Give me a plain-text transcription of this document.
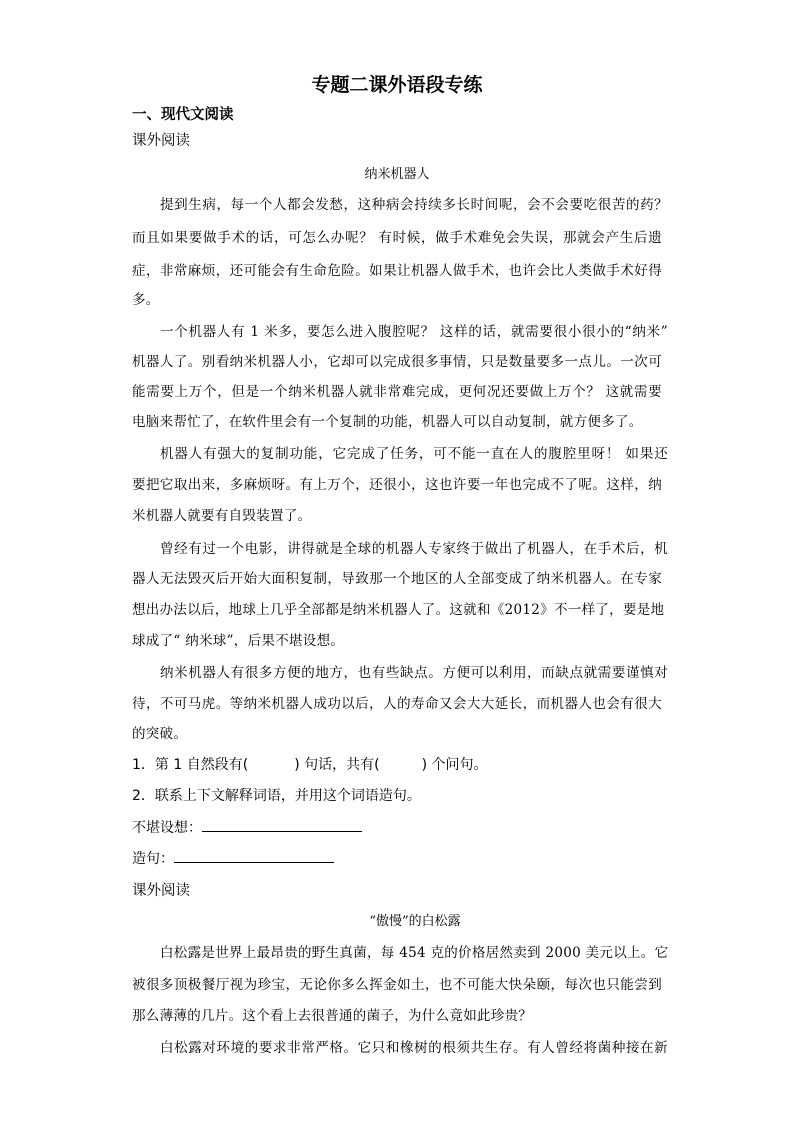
专题二课外语段专练
一、现代文阅读
课外阅读
纳米机器人
提到生病，每一个人都会发愁，这种病会持续多长时间呢，会不会要吃很苦的药？
而且如果要做手术的话，可怎么办呢？ 有时候，做手术难免会失误，那就会产生后遗
症，非常麻烦，还可能会有生命危险。如果让机器人做手术，也许会比人类做手术好得
多。
一个机器人有 1 米多，要怎么进入腹腔呢？ 这样的话，就需要很小很小的“纳米”
机器人了。别看纳米机器人小，它却可以完成很多事情，只是数量要多一点儿。一次可
能需要上万个，但是一个纳米机器人就非常难完成，更何况还要做上万个？ 这就需要
电脑来帮忙了，在软件里会有一个复制的功能，机器人可以自动复制，就方便多了。
机器人有强大的复制功能，它完成了任务，可不能一直在人的腹腔里呀！ 如果还
要把它取出来，多麻烦呀。有上万个，还很小，这也许要一年也完成不了呢。这样，纳
米机器人就要有自毁装置了。
曾经有过一个电影，讲得就是全球的机器人专家终于做出了机器人，在手术后，机
器人无法毁灭后开始大面积复制，导致那一个地区的人全部变成了纳米机器人。在专家
想出办法以后，地球上几乎全部都是纳米机器人了。这就和《2012》不一样了，要是地
球成了“ 纳米球”，后果不堪设想。
纳米机器人有很多方便的地方，也有些缺点。方便可以利用，而缺点就需要谨慎对
待，不可马虎。等纳米机器人成功以后，人的寿命又会大大延长，而机器人也会有很大
的突破。
1．第 1 自然段有(	) 句话，共有(	) 个问句。
2．联系上下文解释词语，并用这个词语造句。
不堪设想：
造句：
课外阅读
“傲慢”的白松露
白松露是世界上最昂贵的野生真菌，每 454 克的价格居然卖到 2000 美元以上。它
被很多顶极餐厅视为珍宝，无论你多么挥金如土，也不可能大快朵颐，每次也只能尝到
那么薄薄的几片。这个看上去很普通的菌子，为什么竟如此珍贵？
白松露对环境的要求非常严格。它只和橡树的根须共生存。有人曾经将菌种接在新
